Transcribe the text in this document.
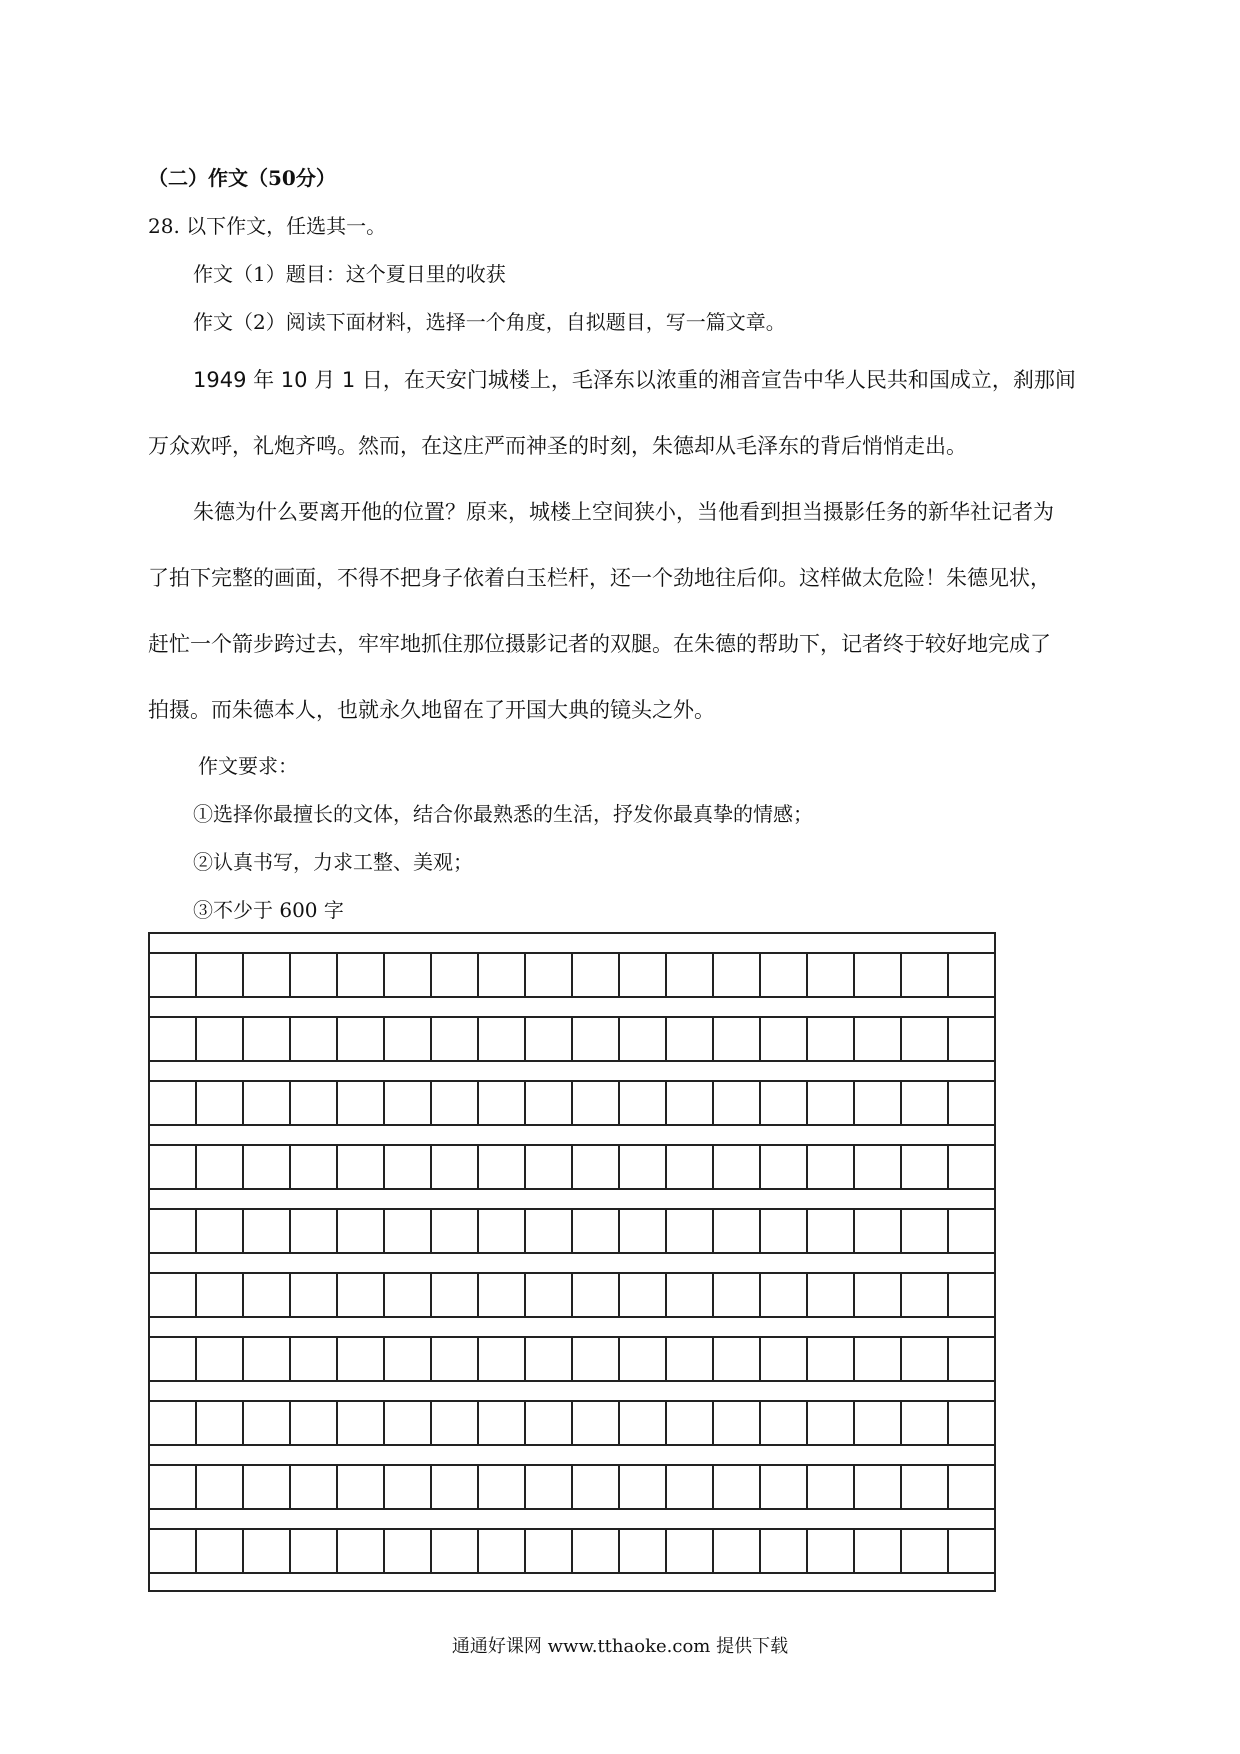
（二）作文（50分）
28. 以下作文，任选其一。
作文（1）题目：这个夏日里的收获
作文（2）阅读下面材料，选择一个角度，自拟题目，写一篇文章。
1949 年 10 月 1 日，在天安门城楼上，毛泽东以浓重的湘音宣告中华人民共和国成立，刹那间
万众欢呼，礼炮齐鸣。然而，在这庄严而神圣的时刻，朱德却从毛泽东的背后悄悄走出。
朱德为什么要离开他的位置？原来，城楼上空间狭小，当他看到担当摄影任务的新华社记者为
了拍下完整的画面，不得不把身子依着白玉栏杆，还一个劲地往后仰。这样做太危险！朱德见状，
赶忙一个箭步跨过去，牢牢地抓住那位摄影记者的双腿。在朱德的帮助下，记者终于较好地完成了
拍摄。而朱德本人，也就永久地留在了开国大典的镜头之外。
作文要求：
①选择你最擅长的文体，结合你最熟悉的生活，抒发你最真挚的情感；
②认真书写，力求工整、美观；
③不少于 600 字
通通好课网 www.tthaoke.com 提供下载
